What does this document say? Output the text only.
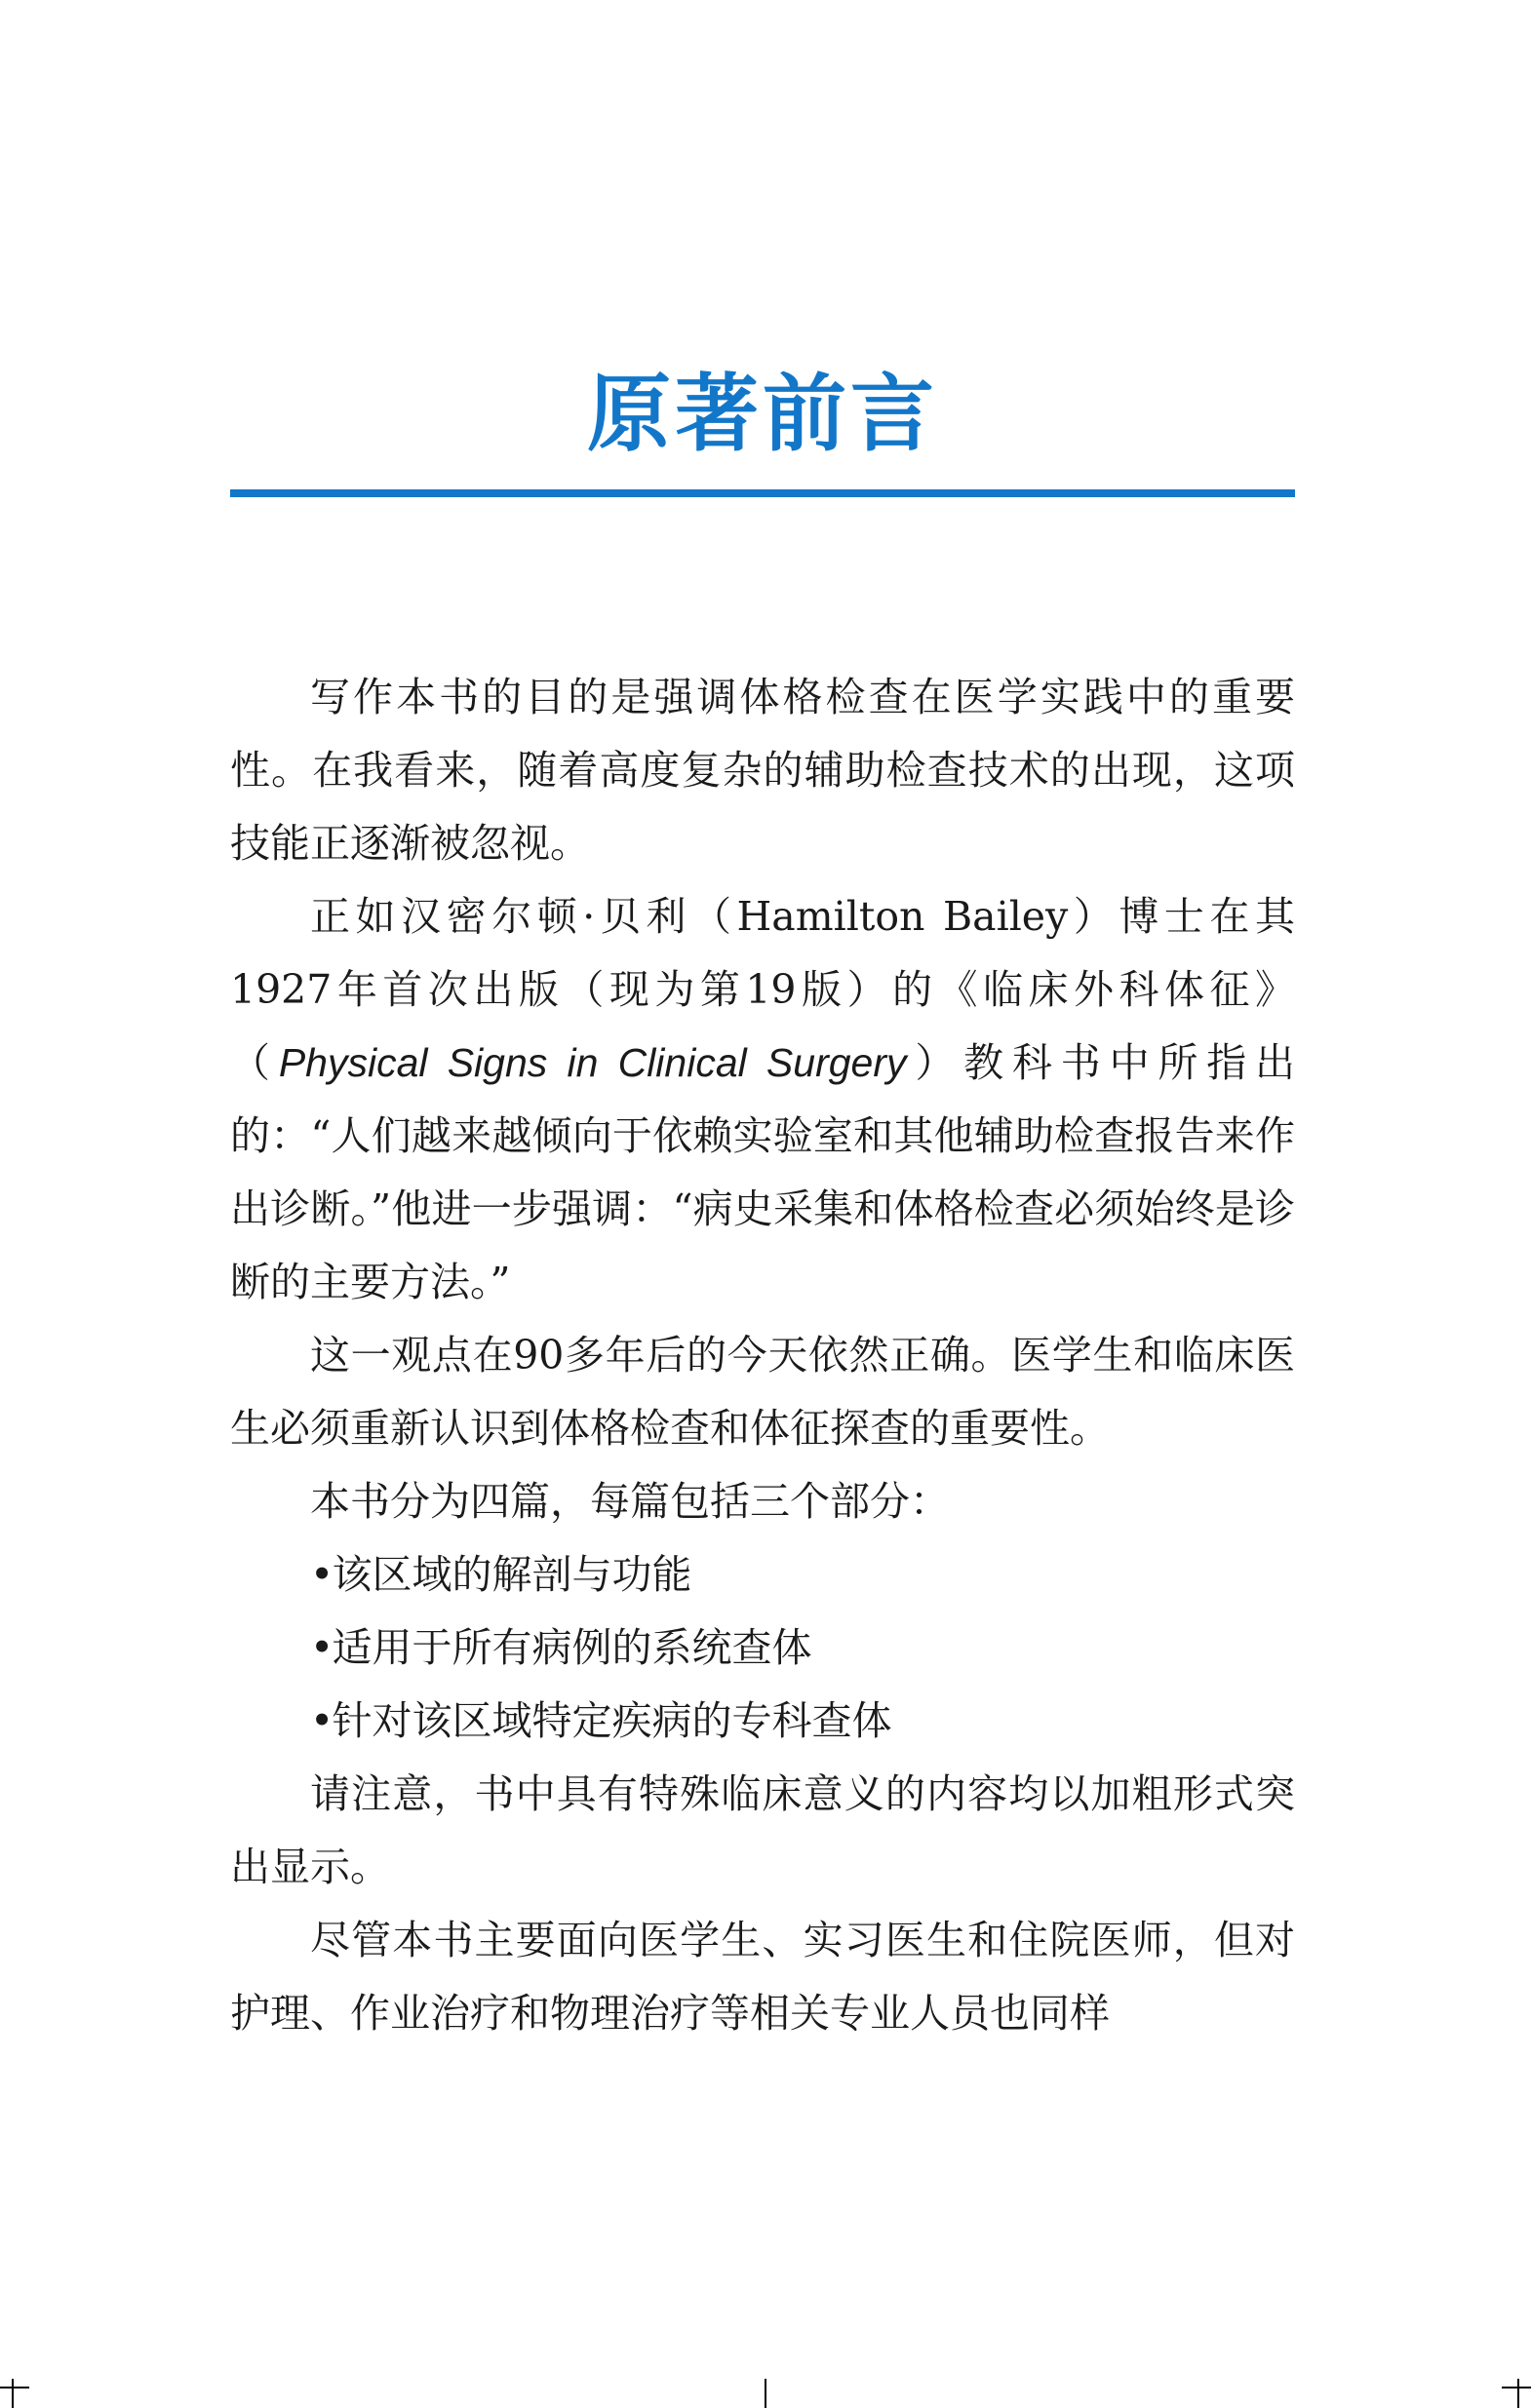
原著前言

写作本书的目的是强调体格检查在医学实践中的重要性。在我看来，随着高度复杂的辅助检查技术的出现，这项技能正逐渐被忽视。

正如汉密尔顿·贝利（Hamilton Bailey）博士在其1927年首次出版（现为第19版）的《临床外科体征》（Physical Signs in Clinical Surgery）教科书中所指出的：“人们越来越倾向于依赖实验室和其他辅助检查报告来作出诊断。”他进一步强调：“病史采集和体格检查必须始终是诊断的主要方法。”

这一观点在90多年后的今天依然正确。医学生和临床医生必须重新认识到体格检查和体征探查的重要性。

本书分为四篇，每篇包括三个部分：

•该区域的解剖与功能

•适用于所有病例的系统查体

•针对该区域特定疾病的专科查体

请注意，书中具有特殊临床意义的内容均以加粗形式突出显示。

尽管本书主要面向医学生、实习医生和住院医师，但对护理、作业治疗和物理治疗等相关专业人员也同样
